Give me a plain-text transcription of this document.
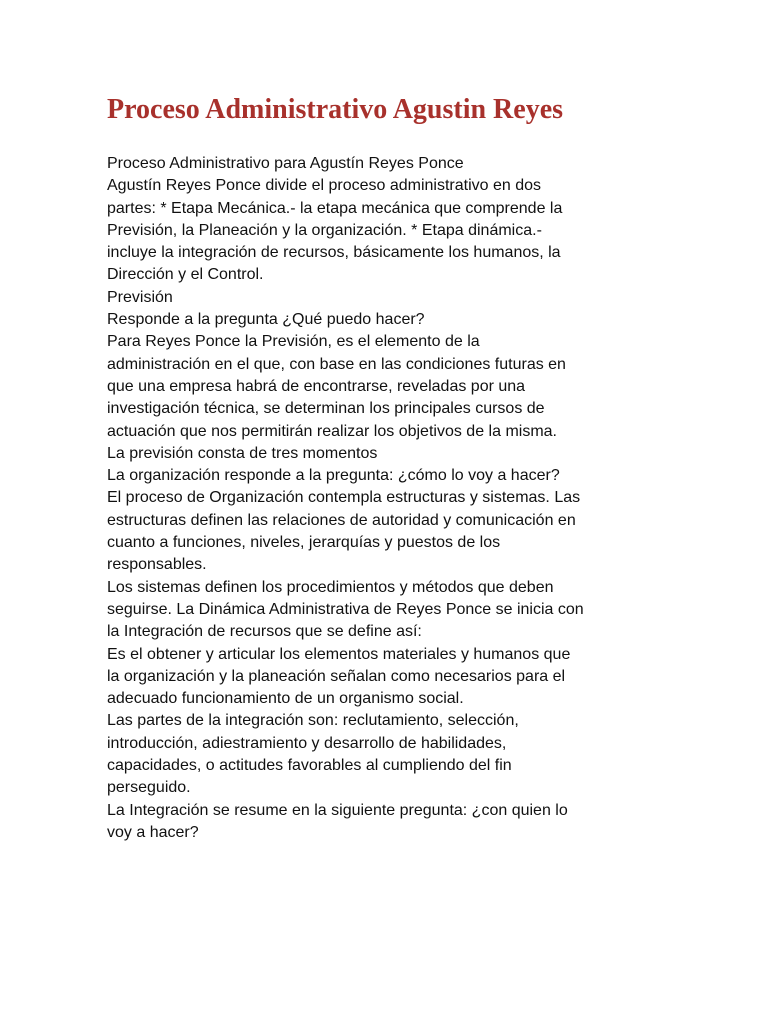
Proceso Administrativo Agustin Reyes
Proceso Administrativo para Agustín Reyes Ponce
Agustín Reyes Ponce divide el proceso administrativo en dos
partes: * Etapa Mecánica.- la etapa mecánica que comprende la
Previsión, la Planeación y la organización. * Etapa dinámica.-
incluye la integración de recursos, básicamente los humanos, la
Dirección y el Control.
Previsión
Responde a la pregunta ¿Qué puedo hacer?
Para Reyes Ponce la Previsión, es el elemento de la
administración en el que, con base en las condiciones futuras en
que una empresa habrá de encontrarse, reveladas por una
investigación técnica, se determinan los principales cursos de
actuación que nos permitirán realizar los objetivos de la misma.
La previsión consta de tres momentos
La organización responde a la pregunta: ¿cómo lo voy a hacer?
El proceso de Organización contempla estructuras y sistemas. Las
estructuras definen las relaciones de autoridad y comunicación en
cuanto a funciones, niveles, jerarquías y puestos de los
responsables.
Los sistemas definen los procedimientos y métodos que deben
seguirse. La Dinámica Administrativa de Reyes Ponce se inicia con
la Integración de recursos que se define así:
Es el obtener y articular los elementos materiales y humanos que
la organización y la planeación señalan como necesarios para el
adecuado funcionamiento de un organismo social.
Las partes de la integración son: reclutamiento, selección,
introducción, adiestramiento y desarrollo de habilidades,
capacidades, o actitudes favorables al cumpliendo del fin
perseguido.
La Integración se resume en la siguiente pregunta: ¿con quien lo
voy a hacer?
